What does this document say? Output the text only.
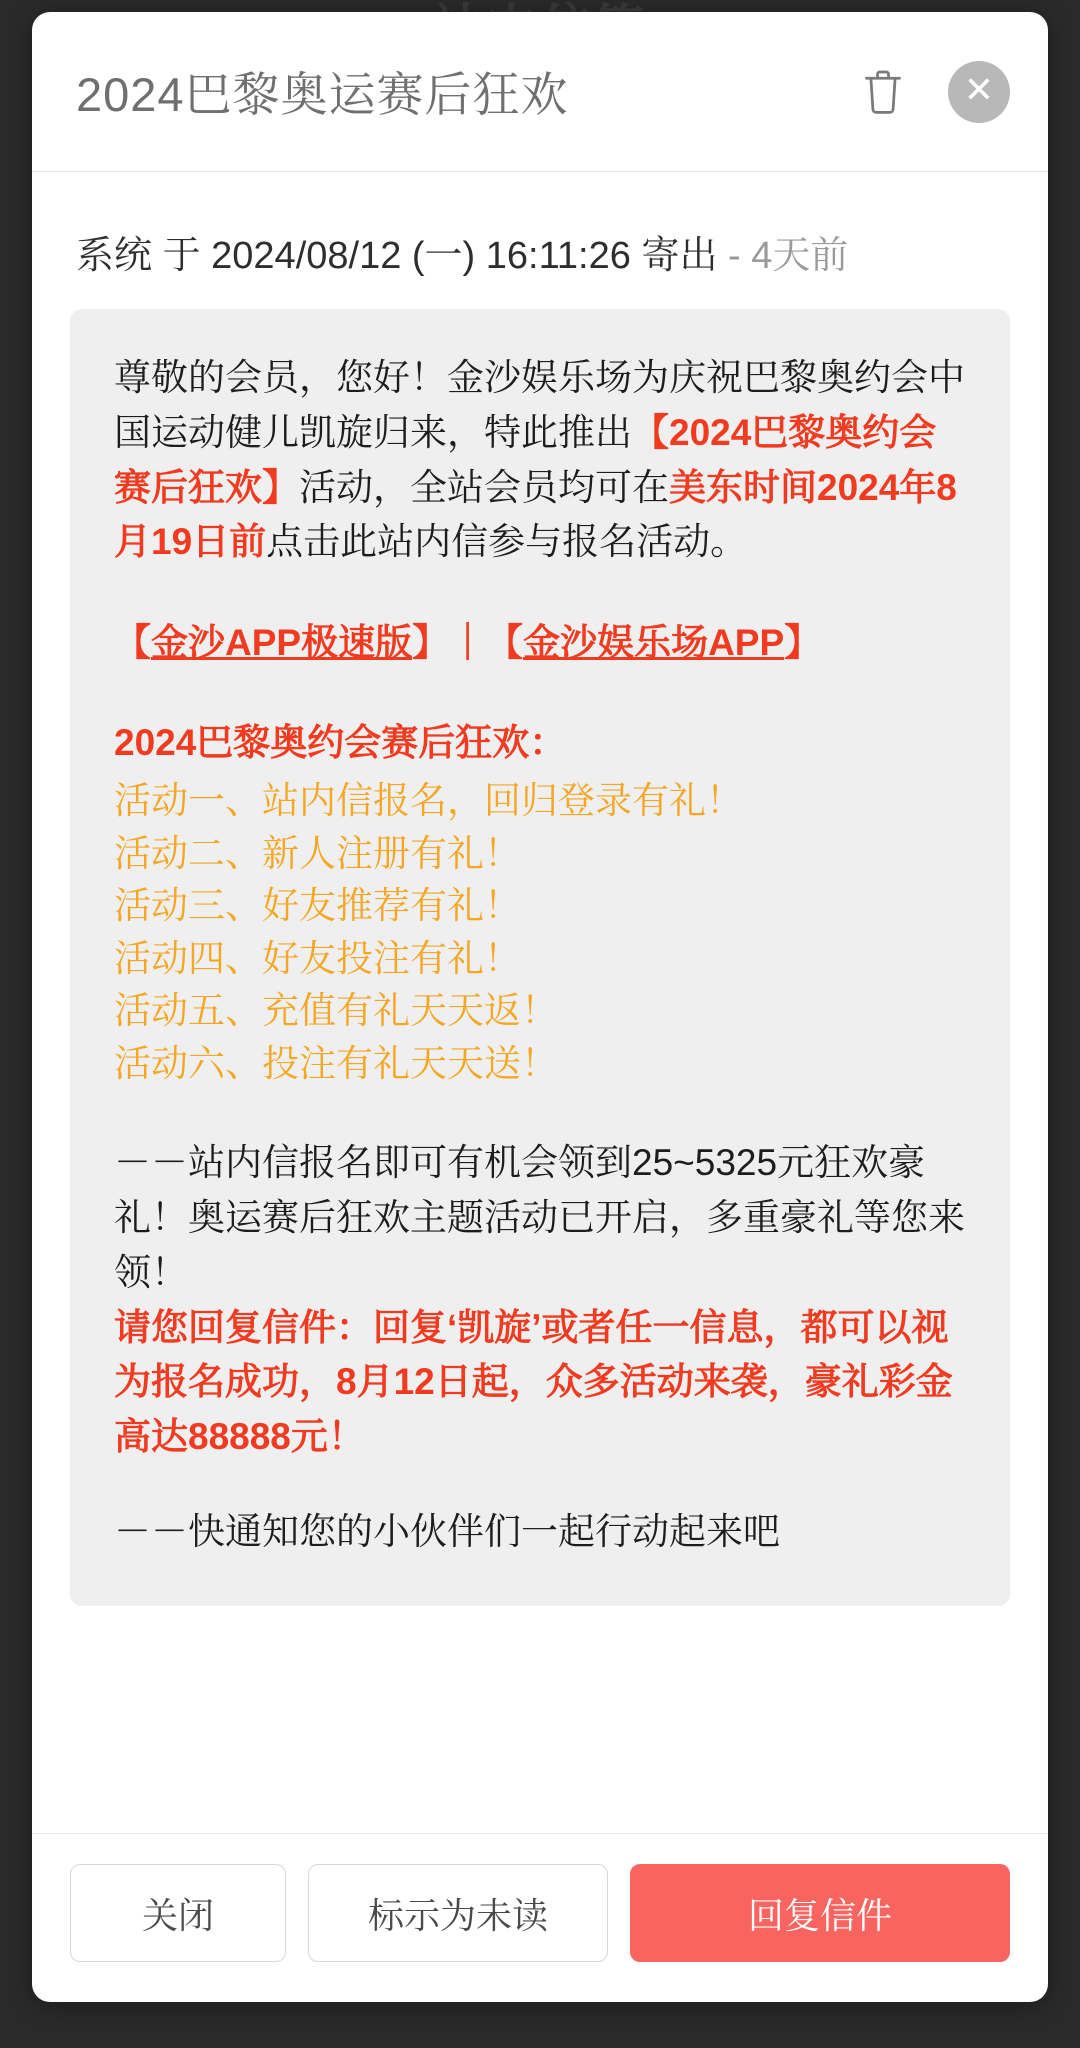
2024巴黎奥运赛后狂欢	✕
系统 于 2024/08/12 (一) 16:11:26 寄出 - 4天前

尊敬的会员，您好！金沙娱乐场为庆祝巴黎奥约会中国运动健儿凯旋归来，特此推出【2024巴黎奥约会赛后狂欢】活动，全站会员均可在美东时间2024年8月19日前点击此站内信参与报名活动。

【金沙APP极速版】｜【金沙娱乐场APP】

2024巴黎奥约会赛后狂欢：

活动一、站内信报名，回归登录有礼！

活动二、新人注册有礼！

活动三、好友推荐有礼！

活动四、好友投注有礼！

活动五、充值有礼天天返！

活动六、投注有礼天天送！

－－站内信报名即可有机会领到25~5325元狂欢豪礼！奥运赛后狂欢主题活动已开启，多重豪礼等您来领！

请您回复信件：回复‘凯旋’或者任一信息，都可以视为报名成功，8月12日起，众多活动来袭，豪礼彩金高达88888元！

－－快通知您的小伙伴们一起行动起来吧

关闭	标示为未读	回复信件
